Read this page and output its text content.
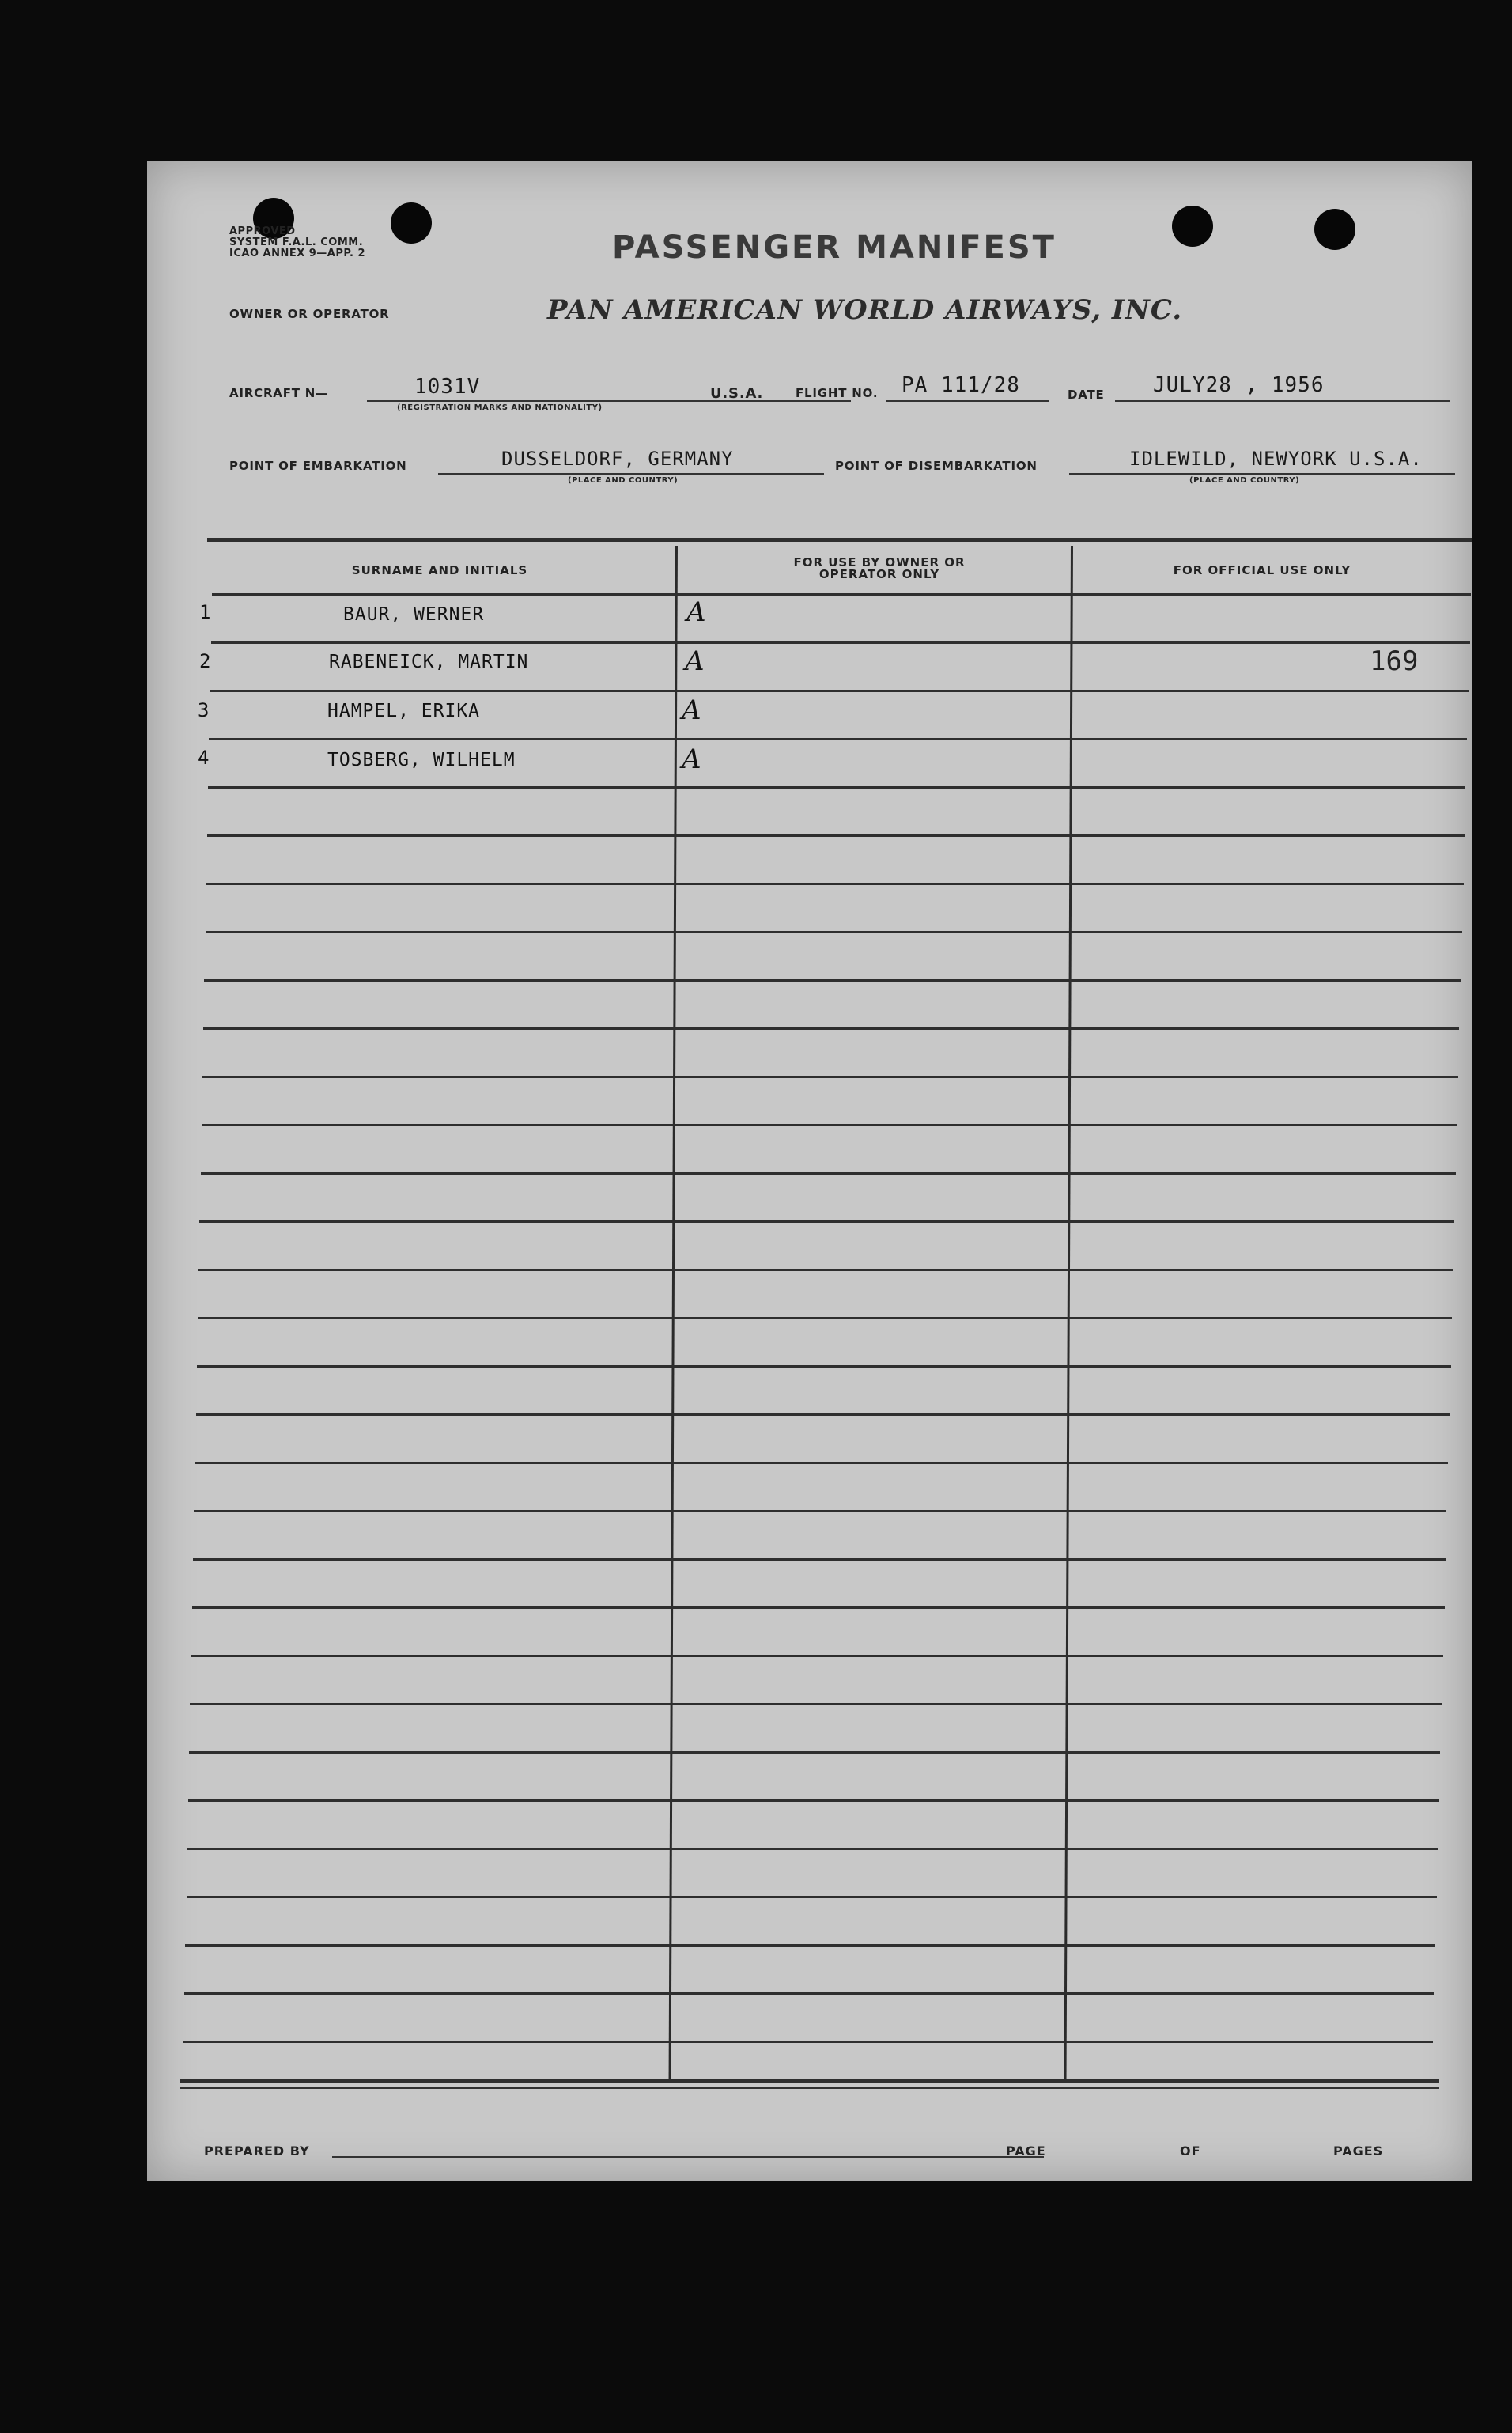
APPROVED
SYSTEM F.A.L. COMM.
ICAO ANNEX 9—APP. 2	PASSENGER MANIFEST
OWNER OR OPERATOR	PAN AMERICAN WORLD AIRWAYS, INC.
AIRCRAFT N—	1031V
(REGISTRATION MARKS AND NATIONALITY)
U.S.A.	FLIGHT NO. PA 111/28	DATE JULY28 , 1956
POINT OF EMBARKATION	DUSSELDORF, GERMANY
(PLACE AND COUNTRY)
POINT OF DISEMBARKATION	IDLEWILD, NEWYORK U.S.A.
(PLACE AND COUNTRY)
SURNAME AND INITIALS
FOR USE BY OWNER OR OPERATOR ONLY	FOR OFFICIAL USE ONLY
1	BAUR, WERNER	A
2	RABENEICK, MARTIN	A	169
3	HAMPEL, ERIKA	A
4	TOSBERG, WILHELM	A
PREPARED BY	PAGE	OF	PAGES
